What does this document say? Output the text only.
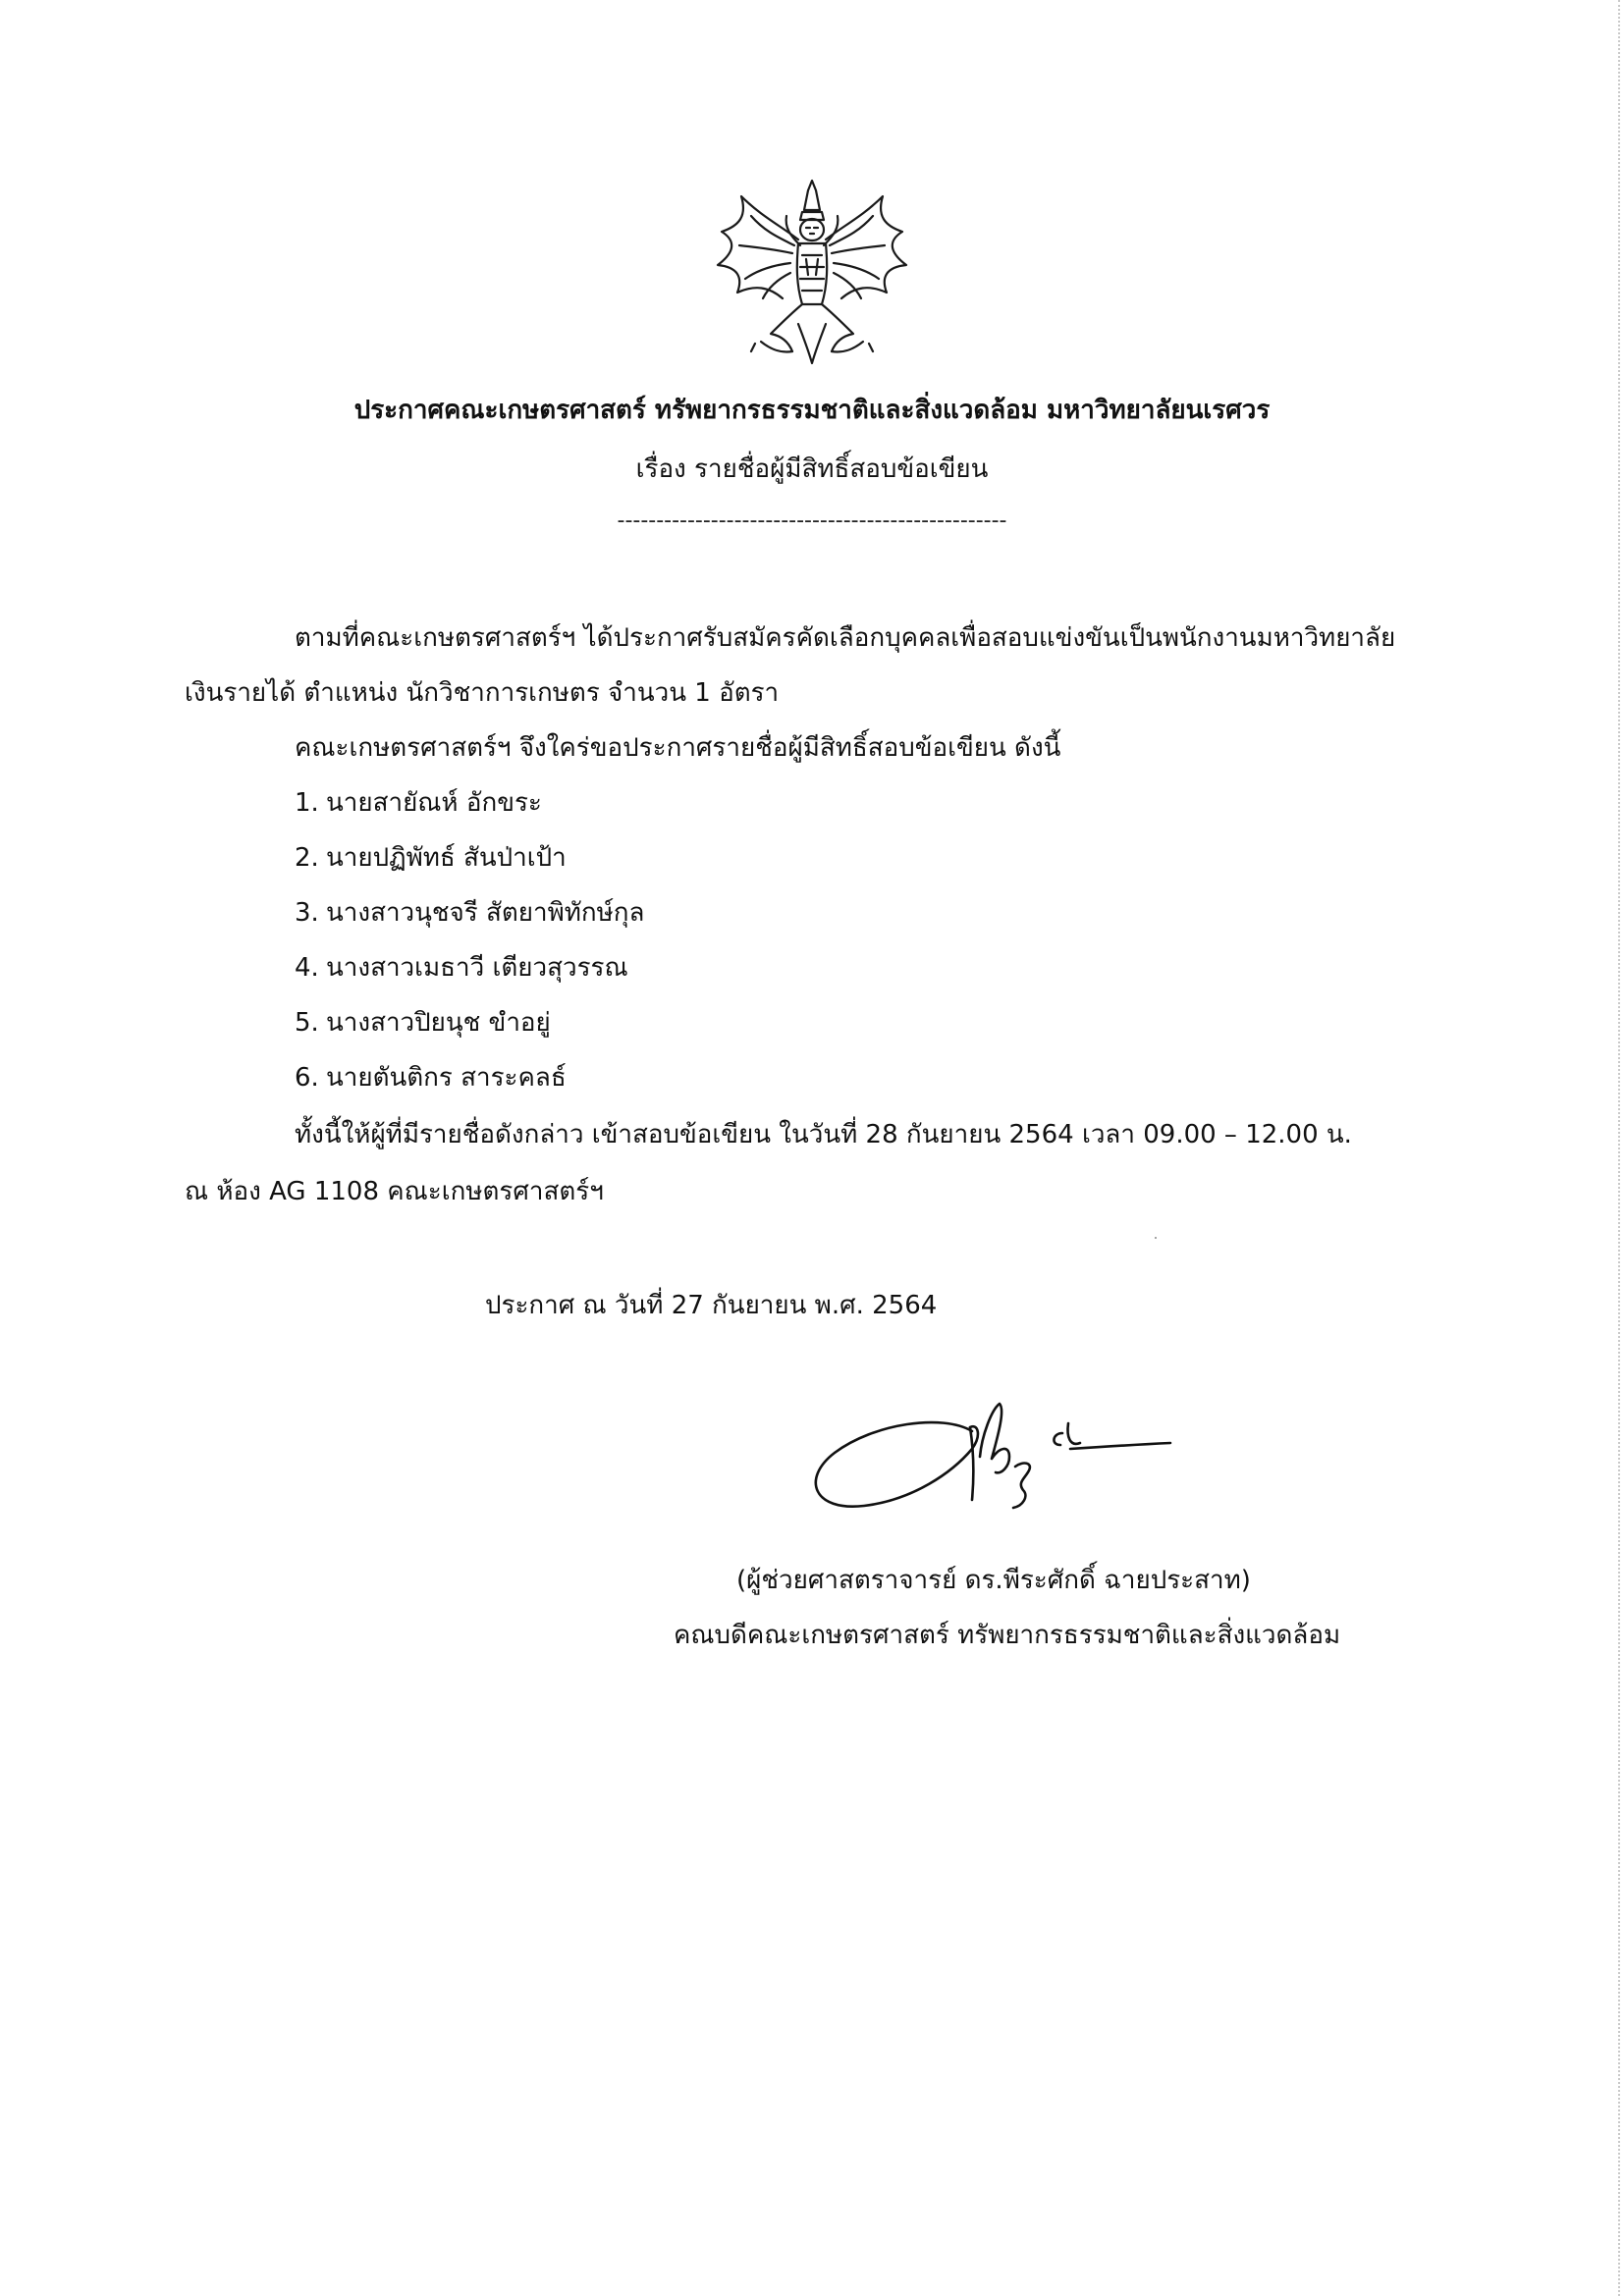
ประกาศคณะเกษตรศาสตร์ ทรัพยากรธรรมชาติและสิ่งแวดล้อม มหาวิทยาลัยนเรศวร
เรื่อง รายชื่อผู้มีสิทธิ์สอบข้อเขียน
--------------------------------------------------
ตามที่คณะเกษตรศาสตร์ฯ ได้ประกาศรับสมัครคัดเลือกบุคคลเพื่อสอบแข่งขันเป็นพนักงานมหาวิทยาลัย
เงินรายได้ ตำแหน่ง นักวิชาการเกษตร จำนวน 1 อัตรา
คณะเกษตรศาสตร์ฯ จึงใคร่ขอประกาศรายชื่อผู้มีสิทธิ์สอบข้อเขียน ดังนี้
1. นายสายัณห์ อักขระ
2. นายปฏิพัทธ์ สันป่าเป้า
3. นางสาวนุชจรี สัตยาพิทักษ์กุล
4. นางสาวเมธาวี เตียวสุวรรณ
5. นางสาวปิยนุช ขำอยู่
6. นายตันติกร สาระคลธ์
ทั้งนี้ให้ผู้ที่มีรายชื่อดังกล่าว เข้าสอบข้อเขียน ในวันที่ 28 กันยายน 2564 เวลา 09.00 – 12.00 น.
ณ ห้อง AG 1108 คณะเกษตรศาสตร์ฯ
ประกาศ ณ วันที่ 27 กันยายน พ.ศ. 2564
(ผู้ช่วยศาสตราจารย์ ดร.พีระศักดิ์ ฉายประสาท)
คณบดีคณะเกษตรศาสตร์ ทรัพยากรธรรมชาติและสิ่งแวดล้อม
